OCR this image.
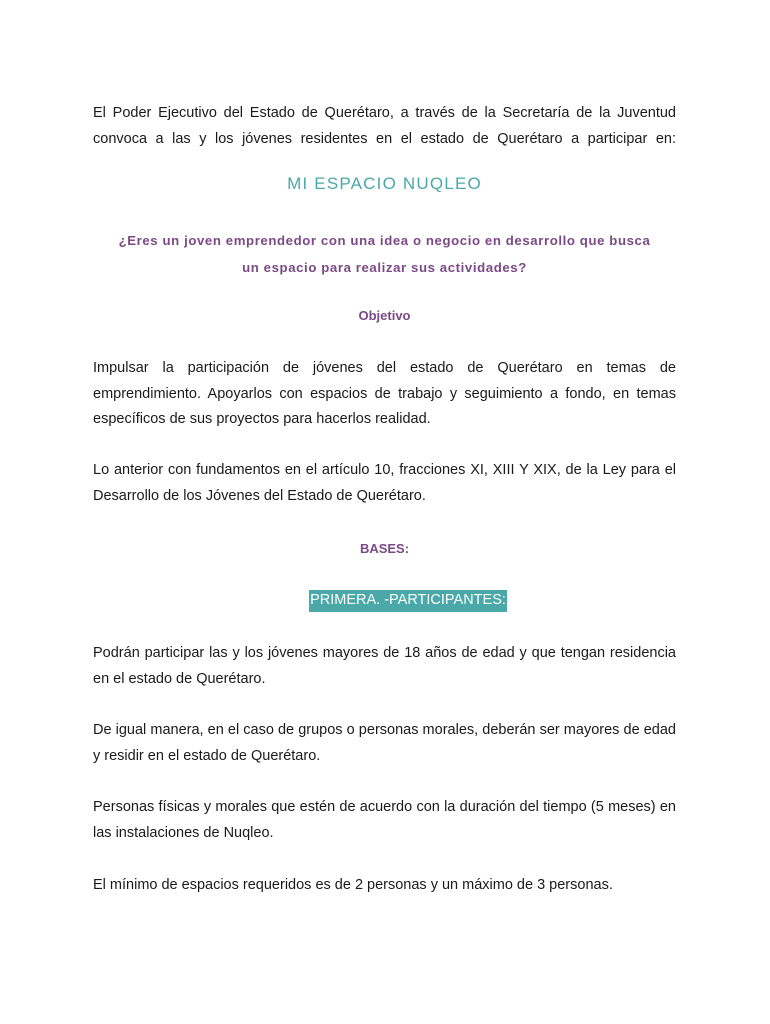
El Poder Ejecutivo del Estado de Querétaro, a través de la Secretaría de la Juventud

convoca a las y los jóvenes residentes en el estado de Querétaro a participar en:

MI ESPACIO NUQLEO

¿Eres un joven emprendedor con una idea o negocio en desarrollo que busca

un espacio para realizar sus actividades?

Objetivo

Impulsar la participación de jóvenes del estado de Querétaro en temas de emprendimiento. Apoyarlos con espacios de trabajo y seguimiento a fondo, en temas específicos de sus proyectos para hacerlos realidad.

Lo anterior con fundamentos en el artículo 10, fracciones XI, XIII Y XIX, de la Ley para el Desarrollo de los Jóvenes del Estado de Querétaro.

BASES:
PRIMERA. -PARTICIPANTES:

Podrán participar las y los jóvenes mayores de 18 años de edad y que tengan residencia en el estado de Querétaro.

De igual manera, en el caso de grupos o personas morales, deberán ser mayores de edad y residir en el estado de Querétaro.

Personas físicas y morales que estén de acuerdo con la duración del tiempo (5 meses) en las instalaciones de Nuqleo.

El mínimo de espacios requeridos es de 2 personas y un máximo de 3 personas.
